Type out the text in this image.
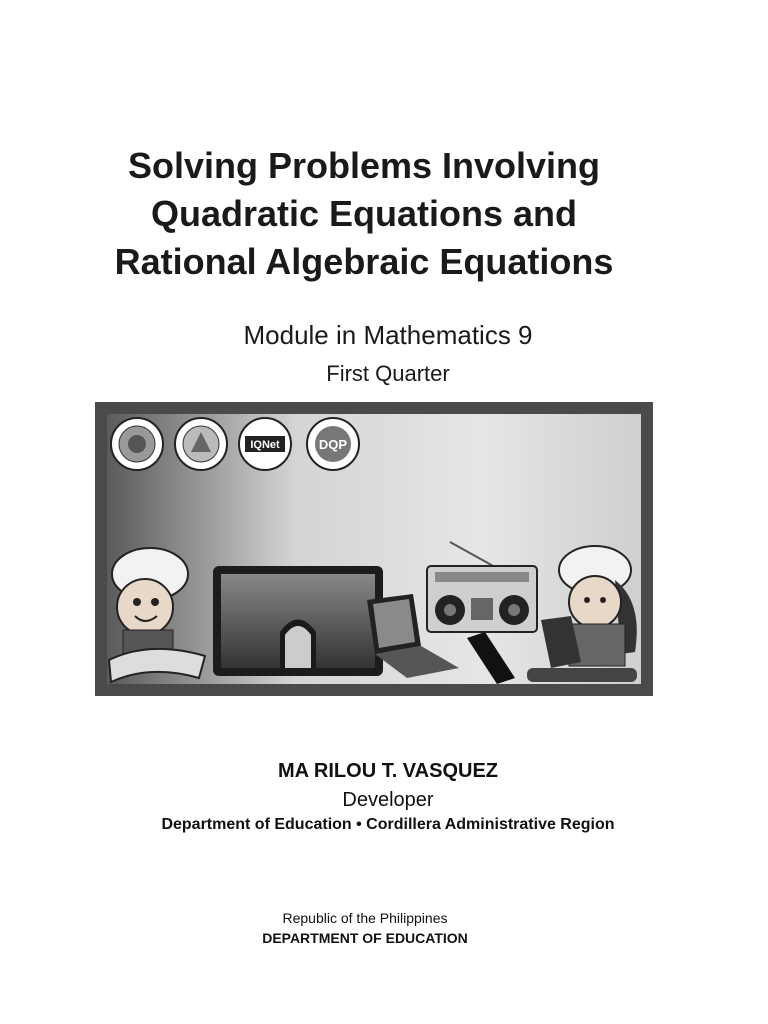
Solving Problems Involving
Quadratic Equations and
Rational Algebraic Equations
Module in Mathematics 9
First Quarter
IQNet	DQP
MA RILOU T. VASQUEZ
Developer
Department of Education • Cordillera Administrative Region
Republic of the Philippines
DEPARTMENT OF EDUCATION
